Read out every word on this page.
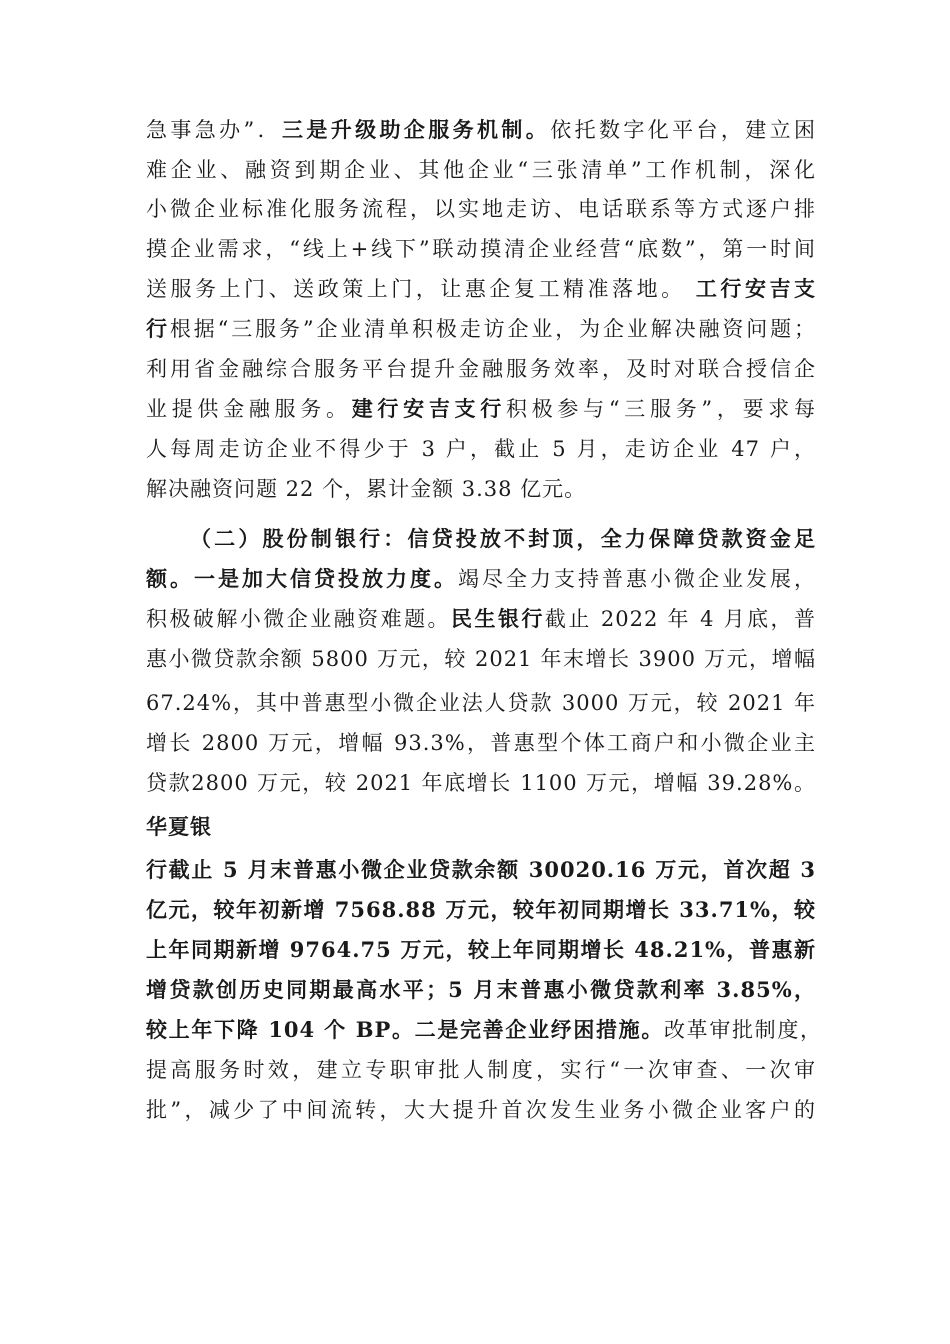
急事急办”．三是升级助企服务机制。依托数字化平台，建立困
难企业、融资到期企业、其他企业“三张清单”工作机制，深化
小微企业标准化服务流程，以实地走访、电话联系等方式逐户排
摸企业需求，“线上+线下”联动摸清企业经营“底数”，第一时间
送服务上门、送政策上门，让惠企复工精准落地。 工行安吉支
行根据“三服务”企业清单积极走访企业，为企业解决融资问题；
利用省金融综合服务平台提升金融服务效率，及时对联合授信企
业提供金融服务。建行安吉支行积极参与“三服务”，要求每
人每周走访企业不得少于 3 户，截止 5 月，走访企业 47 户，
解决融资问题 22 个，累计金额 3.38 亿元。
（二）股份制银行：信贷投放不封顶，全力保障贷款资金足
额。一是加大信贷投放力度。竭尽全力支持普惠小微企业发展，
积极破解小微企业融资难题。民生银行截止 2022 年 4 月底，普
惠小微贷款余额 5800 万元，较 2021 年末增长 3900 万元，增幅
67.24%，其中普惠型小微企业法人贷款 3000 万元，较 2021 年
增长 2800 万元，增幅 93.3%，普惠型个体工商户和小微企业主
贷款2800 万元，较 2021 年底增长 1100 万元，增幅 39.28%。
华夏银
行截止 5 月末普惠小微企业贷款余额 30020.16 万元，首次超 3
亿元，较年初新增 7568.88 万元，较年初同期增长 33.71%，较
上年同期新增 9764.75 万元，较上年同期增长 48.21%，普惠新
增贷款创历史同期最高水平；5 月末普惠小微贷款利率 3.85%，
较上年下降 104 个 BP。二是完善企业纾困措施。改革审批制度，
提高服务时效，建立专职审批人制度，实行“一次审查、一次审
批”，减少了中间流转，大大提升首次发生业务小微企业客户的
